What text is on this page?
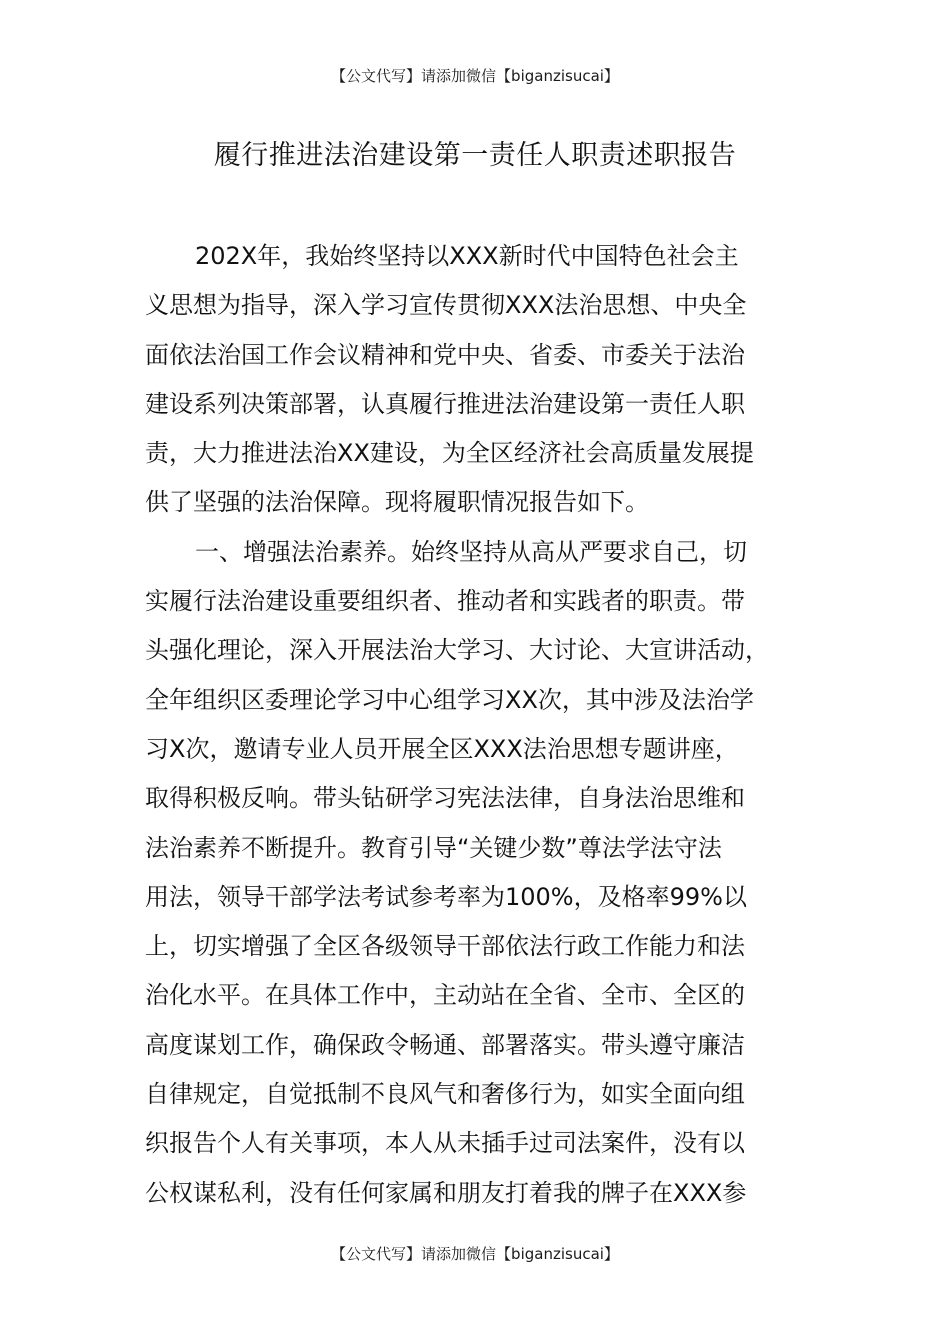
【公文代写】请添加微信【biganzisucai】
履行推进法治建设第一责任人职责述职报告
202X年，我始终坚持以XXX新时代中国特色社会主
义思想为指导，深入学习宣传贯彻XXX法治思想、中央全
面依法治国工作会议精神和党中央、省委、市委关于法治
建设系列决策部署，认真履行推进法治建设第一责任人职
责，大力推进法治XX建设，为全区经济社会高质量发展提
供了坚强的法治保障。现将履职情况报告如下。
一、增强法治素养。始终坚持从高从严要求自己，切
实履行法治建设重要组织者、推动者和实践者的职责。带
头强化理论，深入开展法治大学习、大讨论、大宣讲活动，
全年组织区委理论学习中心组学习XX次，其中涉及法治学
习X次，邀请专业人员开展全区XXX法治思想专题讲座，
取得积极反响。带头钻研学习宪法法律，自身法治思维和
法治素养不断提升。教育引导“关键少数”尊法学法守法
用法，领导干部学法考试参考率为100%，及格率99%以
上，切实增强了全区各级领导干部依法行政工作能力和法
治化水平。在具体工作中，主动站在全省、全市、全区的
高度谋划工作，确保政令畅通、部署落实。带头遵守廉洁
自律规定，自觉抵制不良风气和奢侈行为，如实全面向组
织报告个人有关事项，本人从未插手过司法案件，没有以
公权谋私利，没有任何家属和朋友打着我的牌子在XXX参
【公文代写】请添加微信【biganzisucai】
